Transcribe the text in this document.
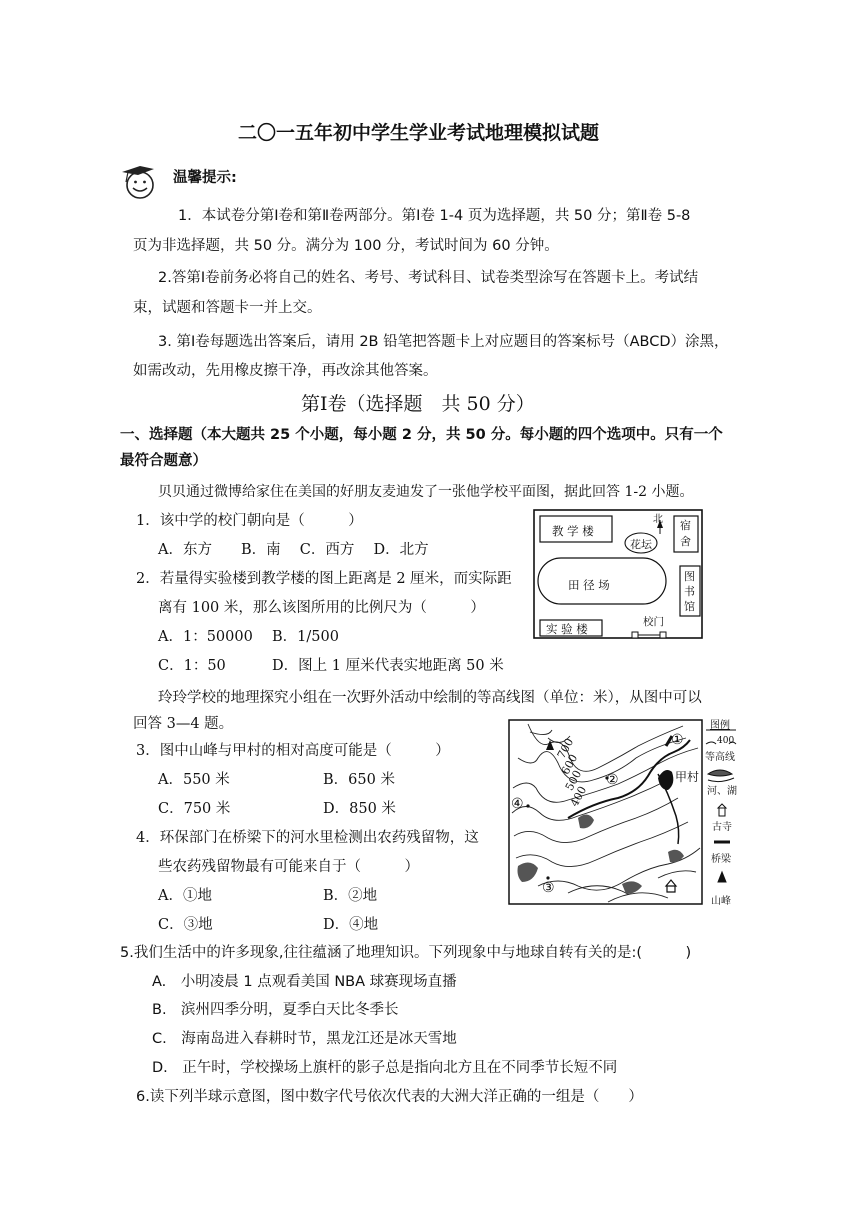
二〇一五年初中学生学业考试地理模拟试题
温馨提示:
1．本试卷分第Ⅰ卷和第Ⅱ卷两部分。第Ⅰ卷 1-4 页为选择题，共 50 分；第Ⅱ卷 5-8
页为非选择题，共 50 分。满分为 100 分，考试时间为 60 分钟。
2.答第Ⅰ卷前务必将自己的姓名、考号、考试科目、试卷类型涂写在答题卡上。考试结
束，试题和答题卡一并上交。
3. 第Ⅰ卷每题选出答案后，请用 2B 铅笔把答题卡上对应题目的答案标号（ABCD）涂黑，
如需改动，先用橡皮擦干净，再改涂其他答案。
第Ⅰ卷（选择题　共 50 分）
一、选择题（本大题共 25 个小题，每小题 2 分，共 50 分。每小题的四个选项中。只有一个
最符合题意）
贝贝通过微博给家住在美国的好朋友麦迪发了一张他学校平面图，据此回答 1-2 小题。
1．该中学的校门朝向是（　　　）
A．东方　　B．南　 C．西方　 D．北方
2．若量得实验楼到教学楼的图上距离是 2 厘米，而实际距
离有 100 米，那么该图所用的比例尺为（　　　）
A．1：50000 B．1/500
C．1：50	D．图上 1 厘米代表实地距离 50 米
教 学 楼
北
花坛
宿舍
田 径 场
图书馆
实 验 楼	校门
玲玲学校的地理探究小组在一次野外活动中绘制的等高线图（单位：米），从图中可以
回答 3—4 题。
3．图中山峰与甲村的相对高度可能是（　　　）
A．550 米	B．650 米
C．750 米	D．850 米
4．环保部门在桥梁下的河水里检测出农药残留物，这
些农药残留物最有可能来自于（　　　）
A．①地	B．②地
C．③地	D．④地
700
600
500
400
甲村
①
②
③
④
图例
400
等高线
河、湖
古寺
桥梁
山峰
5.我们生活中的许多现象,往往蕴涵了地理知识。下列现象中与地球自转有关的是:(　　　)
A.　小明凌晨 1 点观看美国 NBA 球赛现场直播
B.　滨州四季分明，夏季白天比冬季长
C.　海南岛进入春耕时节，黑龙江还是冰天雪地
D.　正午时，学校操场上旗杆的影子总是指向北方且在不同季节长短不同
6.读下列半球示意图，图中数字代号依次代表的大洲大洋正确的一组是（　　）
